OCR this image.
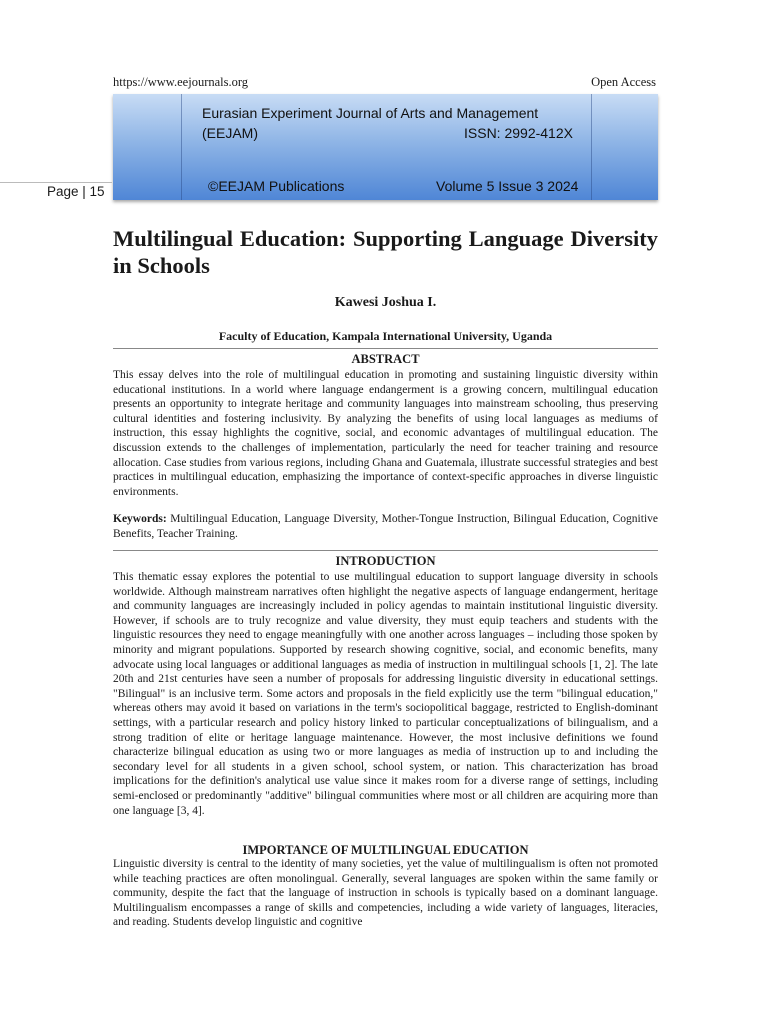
https://www.eejournals.org	Open Access
Eurasian Experiment Journal of Arts and Management
(EEJAM)	ISSN: 2992-412X
©EEJAM Publications	Volume 5 Issue 3 2024
Page | 15
Multilingual Education: Supporting Language Diversity in Schools
Kawesi Joshua I.
Faculty of Education, Kampala International University, Uganda
ABSTRACT
This essay delves into the role of multilingual education in promoting and sustaining linguistic diversity within educational institutions. In a world where language endangerment is a growing concern, multilingual education presents an opportunity to integrate heritage and community languages into mainstream schooling, thus preserving cultural identities and fostering inclusivity. By analyzing the benefits of using local languages as mediums of instruction, this essay highlights the cognitive, social, and economic advantages of multilingual education. The discussion extends to the challenges of implementation, particularly the need for teacher training and resource allocation. Case studies from various regions, including Ghana and Guatemala, illustrate successful strategies and best practices in multilingual education, emphasizing the importance of context-specific approaches in diverse linguistic environments.
Keywords: Multilingual Education, Language Diversity, Mother-Tongue Instruction, Bilingual Education, Cognitive Benefits, Teacher Training.
INTRODUCTION
This thematic essay explores the potential to use multilingual education to support language diversity in schools worldwide. Although mainstream narratives often highlight the negative aspects of language endangerment, heritage and community languages are increasingly included in policy agendas to maintain institutional linguistic diversity. However, if schools are to truly recognize and value diversity, they must equip teachers and students with the linguistic resources they need to engage meaningfully with one another across languages – including those spoken by minority and migrant populations. Supported by research showing cognitive, social, and economic benefits, many advocate using local languages or additional languages as media of instruction in multilingual schools [1, 2]. The late 20th and 21st centuries have seen a number of proposals for addressing linguistic diversity in educational settings. "Bilingual" is an inclusive term. Some actors and proposals in the field explicitly use the term "bilingual education," whereas others may avoid it based on variations in the term's sociopolitical baggage, restricted to English-dominant settings, with a particular research and policy history linked to particular conceptualizations of bilingualism, and a strong tradition of elite or heritage language maintenance. However, the most inclusive definitions we found characterize bilingual education as using two or more languages as media of instruction up to and including the secondary level for all students in a given school, school system, or nation. This characterization has broad implications for the definition's analytical use value since it makes room for a diverse range of settings, including semi-enclosed or predominantly "additive" bilingual communities where most or all children are acquiring more than one language [3, 4].
IMPORTANCE OF MULTILINGUAL EDUCATION
Linguistic diversity is central to the identity of many societies, yet the value of multilingualism is often not promoted while teaching practices are often monolingual. Generally, several languages are spoken within the same family or community, despite the fact that the language of instruction in schools is typically based on a dominant language. Multilingualism encompasses a range of skills and competencies, including a wide variety of languages, literacies, and reading. Students develop linguistic and cognitive
